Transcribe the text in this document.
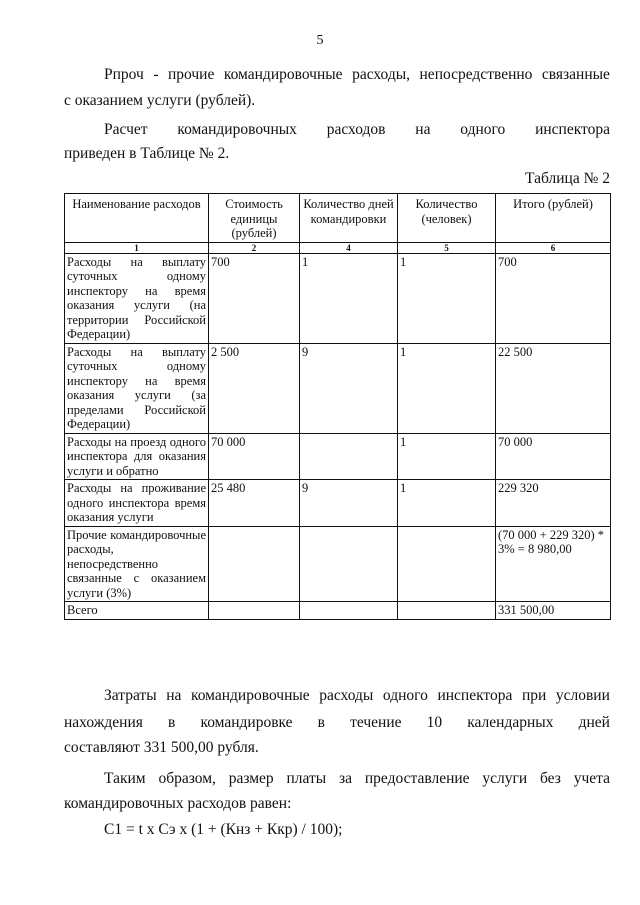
5
Рпроч - прочие командировочные расходы, непосредственно связанные
с оказанием услуги (рублей).
Расчет командировочных расходов на одного инспектора
приведен в Таблице № 2.
Таблица № 2
Наименование расходов	Стоимость единицы (рублей)	Количество дней командировки	Количество (человек)	Итого (рублей)
1	2	4	5	6
Расходы на выплату суточных одному инспектору на время оказания услуги (на территории Российской Федерации)	700	1	1	700
Расходы на выплату суточных одному инспектору на время оказания услуги (за пределами Российской Федерации)	2 500	9	1	22 500
Расходы на проезд одного инспектора для оказания услуги и обратно	70 000		1	70 000
Расходы на проживание одного инспектора время оказания услуги	25 480	9	1	229 320
Прочие командировочные расходы, непосредственно связанные с оказанием услуги (3%)				(70 000 + 229 320) * 3% = 8 980,00
Всего				331 500,00
Затраты на командировочные расходы одного инспектора при условии
нахождения в командировке в течение 10 календарных дней
составляют 331 500,00 рубля.
Таким образом, размер платы за предоставление услуги без учета
командировочных расходов равен:
С1 = t х Сэ х (1 + (Кнз + Ккр) / 100);
